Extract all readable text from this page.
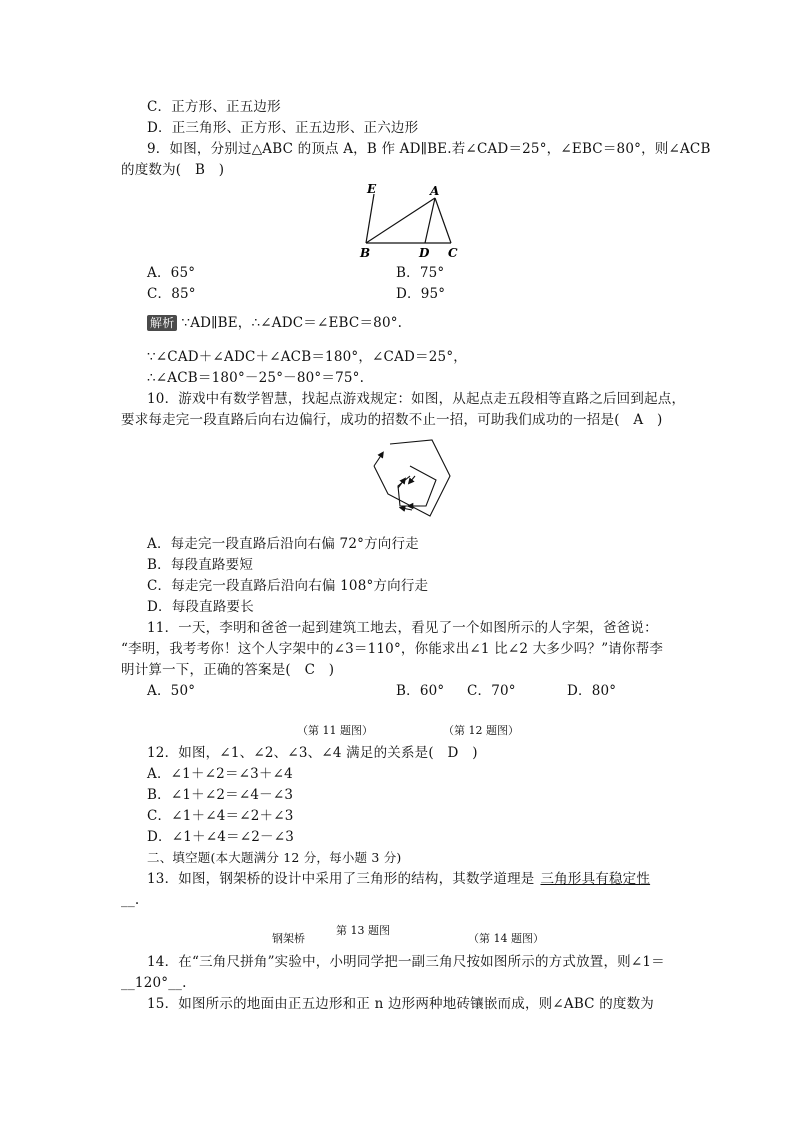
C．正方形、正五边形
D．正三角形、正方形、正五边形、正六边形
9．如图，分别过△ABC 的顶点 A，B 作 AD∥BE.若∠CAD＝25°，∠EBC＝80°，则∠ACB
的度数为(　B　)
E	A
B	D C
A．65°	B．75°
C．85°	D．95°
解析 ∵AD∥BE，∴∠ADC＝∠EBC＝80°.
∵∠CAD＋∠ADC＋∠ACB＝180°，∠CAD＝25°，
∴∠ACB＝180°－25°－80°＝75°.
10．游戏中有数学智慧，找起点游戏规定：如图，从起点走五段相等直路之后回到起点，
要求每走完一段直路后向右边偏行，成功的招数不止一招，可助我们成功的一招是(　A　)
A．每走完一段直路后沿向右偏 72°方向行走
B．每段直路要短
C．每走完一段直路后沿向右偏 108°方向行走
D．每段直路要长
11．一天，李明和爸爸一起到建筑工地去，看见了一个如图所示的人字架，爸爸说：
“李明，我考考你！这个人字架中的∠3＝110°，你能求出∠1 比∠2 大多少吗？”请你帮李
明计算一下，正确的答案是(　C　)
A．50°	B．60° C．70°	D．80°
（第 11 题图）	（第 12 题图）
12．如图，∠1、∠2、∠3、∠4 满足的关系是(　D　)
A．∠1＋∠2＝∠3＋∠4
B．∠1＋∠2＝∠4－∠3
C．∠1＋∠4＝∠2＋∠3
D．∠1＋∠4＝∠2－∠3
二、填空题(本大题满分 12 分，每小题 3 分)
13．如图，钢架桥的设计中采用了三角形的结构，其数学道理是 三角形具有稳定性
__.
钢架桥
第 13 题图
（第 14 题图）
14．在“三角尺拼角”实验中，小明同学把一副三角尺按如图所示的方式放置，则∠1＝
__120°__.
15．如图所示的地面由正五边形和正 n 边形两种地砖镶嵌而成，则∠ABC 的度数为
